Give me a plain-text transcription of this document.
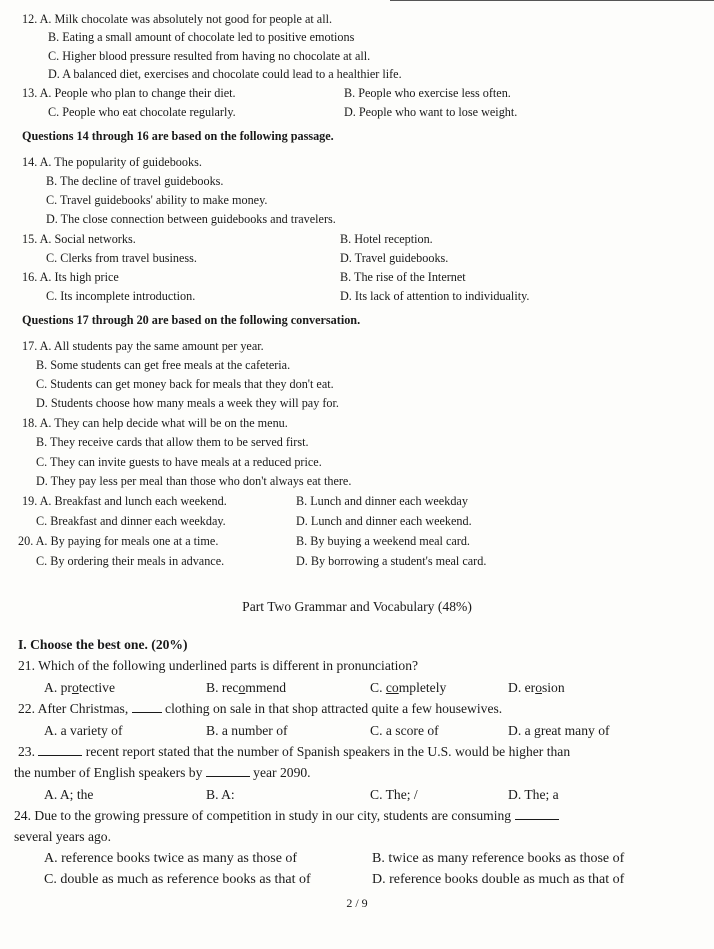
12. A. Milk chocolate was absolutely not good for people at all.
B. Eating a small amount of chocolate led to positive emotions
C. Higher blood pressure resulted from having no chocolate at all.
D. A balanced diet, exercises and chocolate could lead to a healthier life.
13. A. People who plan to change their diet.	B. People who exercise less often.
C. People who eat chocolate regularly.	D. People who want to lose weight.
Questions 14 through 16 are based on the following passage.
14. A. The popularity of guidebooks.
B. The decline of travel guidebooks.
C. Travel guidebooks' ability to make money.
D. The close connection between guidebooks and travelers.
15. A. Social networks.	B. Hotel reception.
C. Clerks from travel business.	D. Travel guidebooks.
16. A. Its high price	B. The rise of the Internet
C. Its incomplete introduction.	D. Its lack of attention to individuality.
Questions 17 through 20 are based on the following conversation.
17. A. All students pay the same amount per year.
B. Some students can get free meals at the cafeteria.
C. Students can get money back for meals that they don't eat.
D. Students choose how many meals a week they will pay for.
18. A. They can help decide what will be on the menu.
B. They receive cards that allow them to be served first.
C. They can invite guests to have meals at a reduced price.
D. They pay less per meal than those who don't always eat there.
19. A. Breakfast and lunch each weekend.	B. Lunch and dinner each weekday
C. Breakfast and dinner each weekday.	D. Lunch and dinner each weekend.
20. A. By paying for meals one at a time.	B. By buying a weekend meal card.
C. By ordering their meals in advance.	D. By borrowing a student's meal card.
Part Two Grammar and Vocabulary (48%)
I. Choose the best one. (20%)
21. Which of the following underlined parts is different in pronunciation?
A. protective	B. recommend	C. completely	D. erosion
22. After Christmas,  clothing on sale in that shop attracted quite a few housewives.
A. a variety of	B. a number of	C. a score of	D. a great many of
23.	recent report stated that the number of Spanish speakers in the U.S. would be higher than
the number of English speakers by	year 2090.
A. A; the	B. A:	C. The; /	D. The; a
24. Due to the growing pressure of competition in study in our city, students are consuming
several years ago.
A. reference books twice as many as those of	B. twice as many reference books as those of
C. double as much as reference books as that of	D. reference books double as much as that of
2 / 9
